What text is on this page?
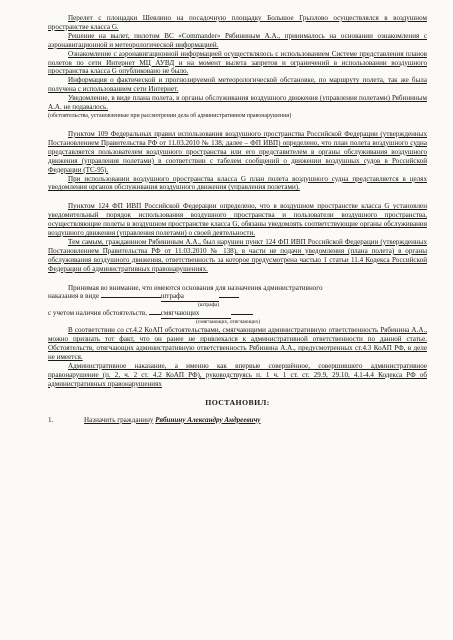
Перелет с площадки Шевлино на посадочную площадку Большое Грызлово осуществлялся в воздушном пространстве класса G.

Решение на вылет, пилотом ВС «Commander» Рябининым А.А., принималось на основании ознакомления с аэронавигационной и метеорологической информацией.

Ознакомление с аэронавигационной информацией осуществлялось с использованием Системе представления планов полетов по сети Интернет МЦ АУВД и на момент вылета запретов и ограничений в использовании воздушного пространства класса G опубликовано не было.

Информация о фактической и прогнозируемой метеорологической обстановке, по маршруту полета, так же была получена с использованием сети Интернет.

Уведомление, в виде плана полета, в органы обслуживания воздушного движения (управления полетами) Рябининым А.А. не подавалось.

(обстоятельства, установленные при рассмотрении дела об административном правонарушении)

Пунктом 109 Федеральных правил использования воздушного пространства Российской Федерации (утвержденных Постановлением Правительства РФ от 11.03.2010 № 138, далее – ФП ИВП) определено, что план полета воздушного судна представляется пользователем воздушного пространства или его представителем в органы обслуживания воздушного движения (управления полетами) в соответствии с табелем сообщений о движении воздушных судов в Российской Федерации (ТС-95).

При использовании воздушного пространства класса G план полета воздушного судна представляется в целях уведомления органов обслуживания воздушного движения (управления полетами).

Пунктом 124 ФП ИВП Российской Федерации определено, что в воздушном пространстве класса G установлен уведомительный порядок использования воздушного пространства и пользователи воздушного пространства, осуществляющие полеты в воздушном пространстве класса G, обязаны уведомлять соответствующие органы обслуживания воздушного движения (управления полетами) о своей деятельности.

Тем самым, гражданином Рябининым А.А., был нарушен пункт 124 ФП ИВП Российской Федерации (утвержденных Постановлением Правительства РФ от 11.03.2010 № 138), в части не подачи уведомления (плана полета) в органы обслуживания воздушного движения, ответственность за которое предусмотрена частью 1 статьи 11.4 Кодекса Российской Федерации об административных правонарушениях.

Принимая во внимание, что имеются основания для назначения административного

наказания в виде	штрафа
(штрафа)
с учетом наличия обстоятельств, смягчающих
(смягчающих, отягчающих)

В соответствии со ст.4.2 КоАП обстоятельствами, смягчающими административную ответственность Рябинина А.А., можно признать тот факт, что он ранее не привлекался к административной ответственности по данной статье. Обстоятельств, отягчающих административную ответственность Рябинина А.А., предусмотренных ст.4.3 КоАП РФ, в деле не имеется.

Административное наказание, а именно как впервые совершённое, совершившего административное правонарушение (п. 2, ч. 2 ст. 4.2 КоАП РФ), руководствуясь п. 1 ч. 1 ст. ст. 29.9, 29.10, 4.1-4.4 Кодекса РФ об административных правонарушениях

ПОСТАНОВИЛ:
1.	Назначить гражданину Рябинину Александру Андреевичу
